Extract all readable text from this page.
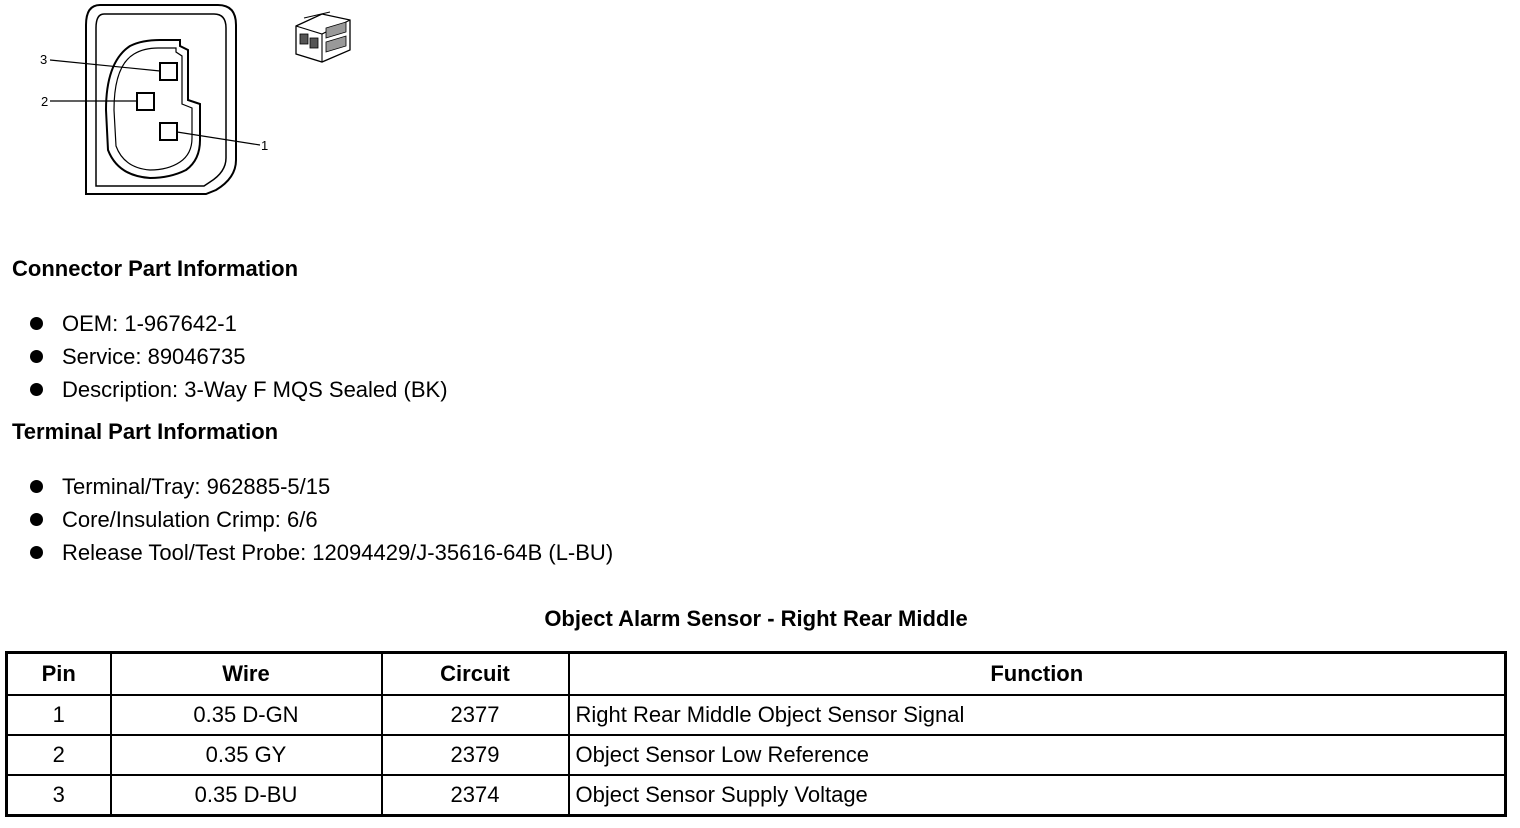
3
2
1
Connector Part Information
OEM: 1-967642-1
Service: 89046735
Description: 3-Way F MQS Sealed (BK)
Terminal Part Information
Terminal/Tray: 962885-5/15
Core/Insulation Crimp: 6/6
Release Tool/Test Probe: 12094429/J-35616-64B (L-BU)
Object Alarm Sensor - Right Rear Middle
Pin	Wire	Circuit	Function
1	0.35 D-GN	2377	Right Rear Middle Object Sensor Signal
2	0.35 GY	2379	Object Sensor Low Reference
3	0.35 D-BU	2374	Object Sensor Supply Voltage
